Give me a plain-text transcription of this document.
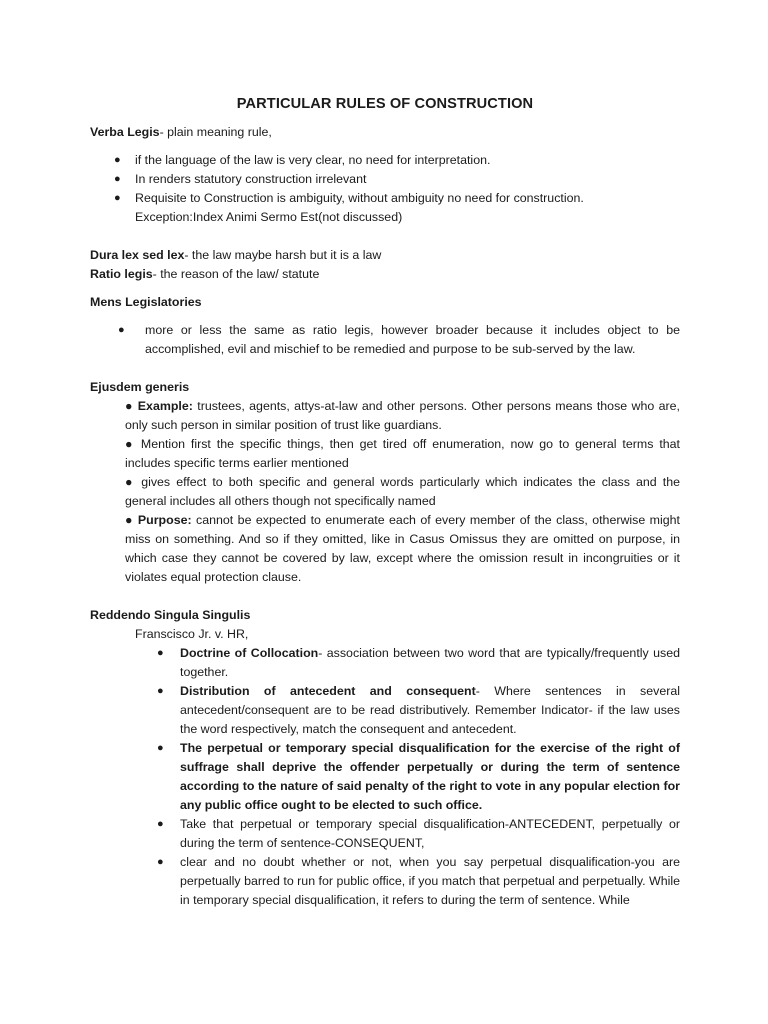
PARTICULAR RULES OF CONSTRUCTION

Verba Legis- plain meaning rule,

● if the language of the law is very clear, no need for interpretation.
● In renders statutory construction irrelevant
● Requisite to Construction is ambiguity, without ambiguity no need for construction.
Exception:Index Animi Sermo Est(not discussed)

Dura lex sed lex- the law maybe harsh but it is a law

Ratio legis- the reason of the law/ statute

Mens Legislatories

● more or less the same as ratio legis, however broader because it includes object to be accomplished, evil and mischief to be remedied and purpose to be sub-served by the law.

Ejusdem generis

● Example: trustees, agents, attys-at-law and other persons. Other persons means those who are, only such person in similar position of trust like guardians.

● Mention first the specific things, then get tired off enumeration, now go to general terms that includes specific terms earlier mentioned

● gives effect to both specific and general words particularly which indicates the class and the general includes all others though not specifically named

● Purpose: cannot be expected to enumerate each of every member of the class, otherwise might miss on something. And so if they omitted, like in Casus Omissus they are omitted on purpose, in which case they cannot be covered by law, except where the omission result in incongruities or it violates equal protection clause.

Reddendo Singula Singulis

Franscisco Jr. v. HR,

● Doctrine of Collocation- association between two word that are typically/frequently used together.
● Distribution of antecedent and consequent- Where sentences in several antecedent/consequent are to be read distributively. Remember Indicator- if the law uses the word respectively, match the consequent and antecedent.
● The perpetual or temporary special disqualification for the exercise of the right of suffrage shall deprive the offender perpetually or during the term of sentence according to the nature of said penalty of the right to vote in any popular election for any public office ought to be elected to such office.
● Take that perpetual or temporary special disqualification-ANTECEDENT, perpetually or during the term of sentence-CONSEQUENT,
● clear and no doubt whether or not, when you say perpetual disqualification-you are perpetually barred to run for public office, if you match that perpetual and perpetually. While in temporary special disqualification, it refers to during the term of sentence. While
